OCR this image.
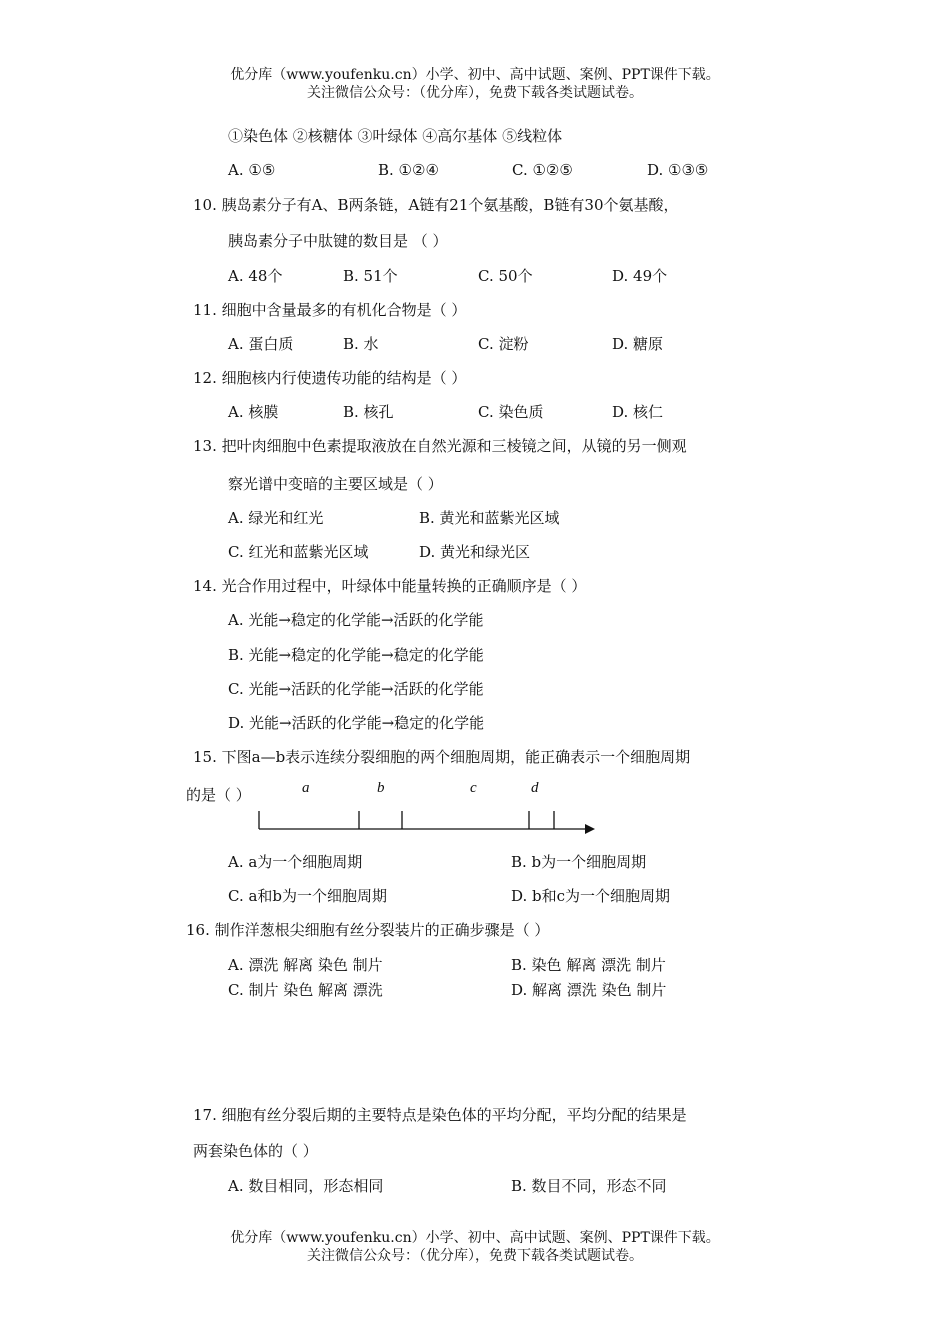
优分库（www.youfenku.cn）小学、初中、高中试题、案例、PPT课件下载。
关注微信公众号：（优分库），免费下载各类试题试卷。
①染色体 ②核糖体 ③叶绿体 ④高尔基体 ⑤线粒体
A. ①⑤	B. ①②④	C. ①②⑤	D. ①③⑤
10. 胰岛素分子有A、B两条链，A链有21个氨基酸，B链有30个氨基酸，
胰岛素分子中肽键的数目是 （ ）
A. 48个	B. 51个	C. 50个	D. 49个
11. 细胞中含量最多的有机化合物是（ ）
A. 蛋白质	B. 水	C. 淀粉	D. 糖原
12. 细胞核内行使遗传功能的结构是（ ）
A. 核膜	B. 核孔	C. 染色质	D. 核仁
13. 把叶肉细胞中色素提取液放在自然光源和三棱镜之间，从镜的另一侧观
察光谱中变暗的主要区域是（ ）
A. 绿光和红光	B. 黄光和蓝紫光区域
C. 红光和蓝紫光区域	D. 黄光和绿光区
14. 光合作用过程中，叶绿体中能量转换的正确顺序是（ ）
A. 光能→稳定的化学能→活跃的化学能
B. 光能→稳定的化学能→稳定的化学能
C. 光能→活跃的化学能→活跃的化学能
D. 光能→活跃的化学能→稳定的化学能
15. 下图a—b表示连续分裂细胞的两个细胞周期，能正确表示一个细胞周期
的是（ ）	a	b	c	d
A. a为一个细胞周期	B. b为一个细胞周期
C. a和b为一个细胞周期	D. b和c为一个细胞周期
16. 制作洋葱根尖细胞有丝分裂装片的正确步骤是（ ）
A. 漂洗 解离 染色 制片	B. 染色 解离 漂洗 制片
C. 制片 染色 解离 漂洗	D. 解离 漂洗 染色 制片
17. 细胞有丝分裂后期的主要特点是染色体的平均分配，平均分配的结果是
两套染色体的（ ）
A. 数目相同，形态相同	B. 数目不同，形态不同
优分库（www.youfenku.cn）小学、初中、高中试题、案例、PPT课件下载。
关注微信公众号：（优分库），免费下载各类试题试卷。
